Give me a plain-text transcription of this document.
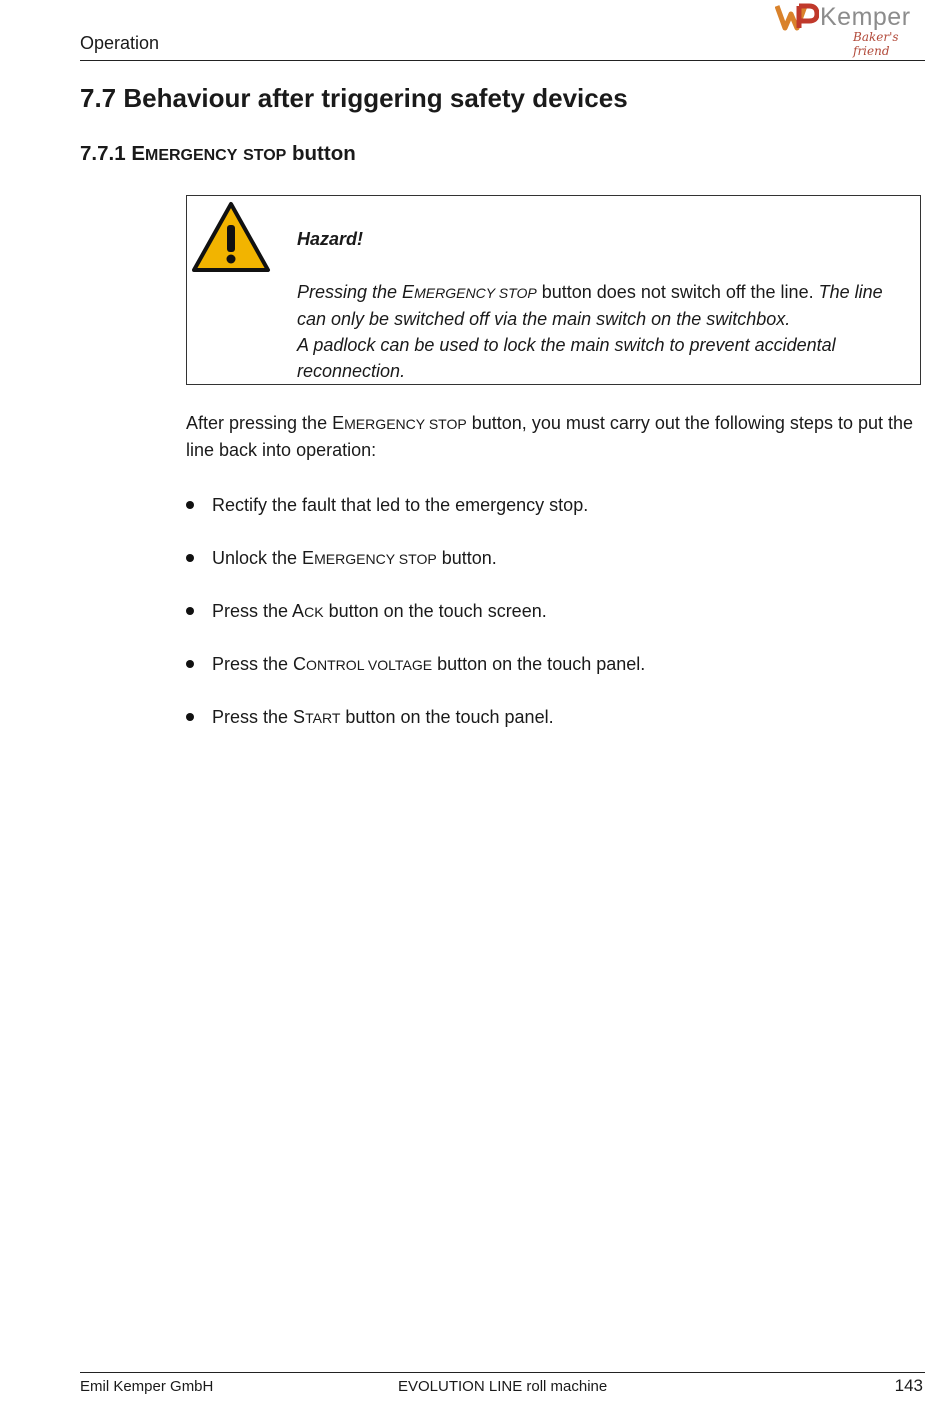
Operation
Kemper
Baker's friend
7.7 Behaviour after triggering safety devices
7.7.1 EMERGENCY STOP button
Hazard!
Pressing the EMERGENCY STOP button does not switch off the line. The line can only be switched off via the main switch on the switchbox.
A padlock can be used to lock the main switch to prevent accidental reconnection.
After pressing the EMERGENCY STOP button, you must carry out the following steps to put the line back into operation:
Rectify the fault that led to the emergency stop.
Unlock the EMERGENCY STOP button.
Press the ACK button on the touch screen.
Press the CONTROL VOLTAGE button on the touch panel.
Press the START button on the touch panel.
Emil Kemper GmbH	EVOLUTION LINE roll machine	143
